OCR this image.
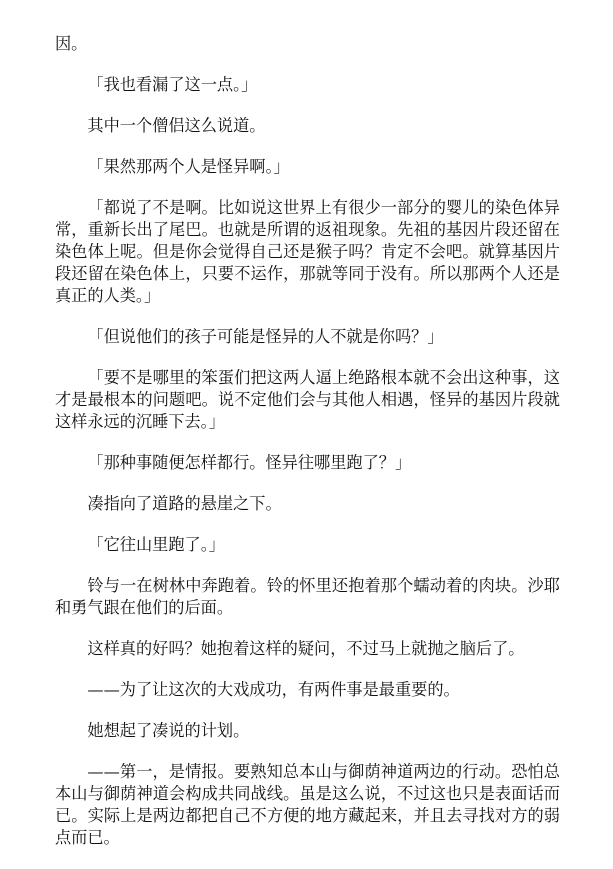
因。

「我也看漏了这一点。」

其中一个僧侣这么说道。

「果然那两个人是怪异啊。」

「都说了不是啊。比如说这世界上有很少一部分的婴儿的染色体异常，重新长出了尾巴。也就是所谓的返祖现象。先祖的基因片段还留在染色体上呢。但是你会觉得自己还是猴子吗？肯定不会吧。就算基因片段还留在染色体上，只要不运作，那就等同于没有。所以那两个人还是真正的人类。」

「但说他们的孩子可能是怪异的人不就是你吗？」

「要不是哪里的笨蛋们把这两人逼上绝路根本就不会出这种事，这才是最根本的问题吧。说不定他们会与其他人相遇，怪异的基因片段就这样永远的沉睡下去。」

「那种事随便怎样都行。怪异往哪里跑了？」

凑指向了道路的悬崖之下。

「它往山里跑了。」

铃与一在树林中奔跑着。铃的怀里还抱着那个蠕动着的肉块。沙耶和勇气跟在他们的后面。

这样真的好吗？她抱着这样的疑问，不过马上就抛之脑后了。

——为了让这次的大戏成功，有两件事是最重要的。

她想起了凑说的计划。

——第一，是情报。要熟知总本山与御荫神道两边的行动。恐怕总本山与御荫神道会构成共同战线。虽是这么说，不过这也只是表面话而已。实际上是两边都把自己不方便的地方藏起来，并且去寻找对方的弱点而已。
